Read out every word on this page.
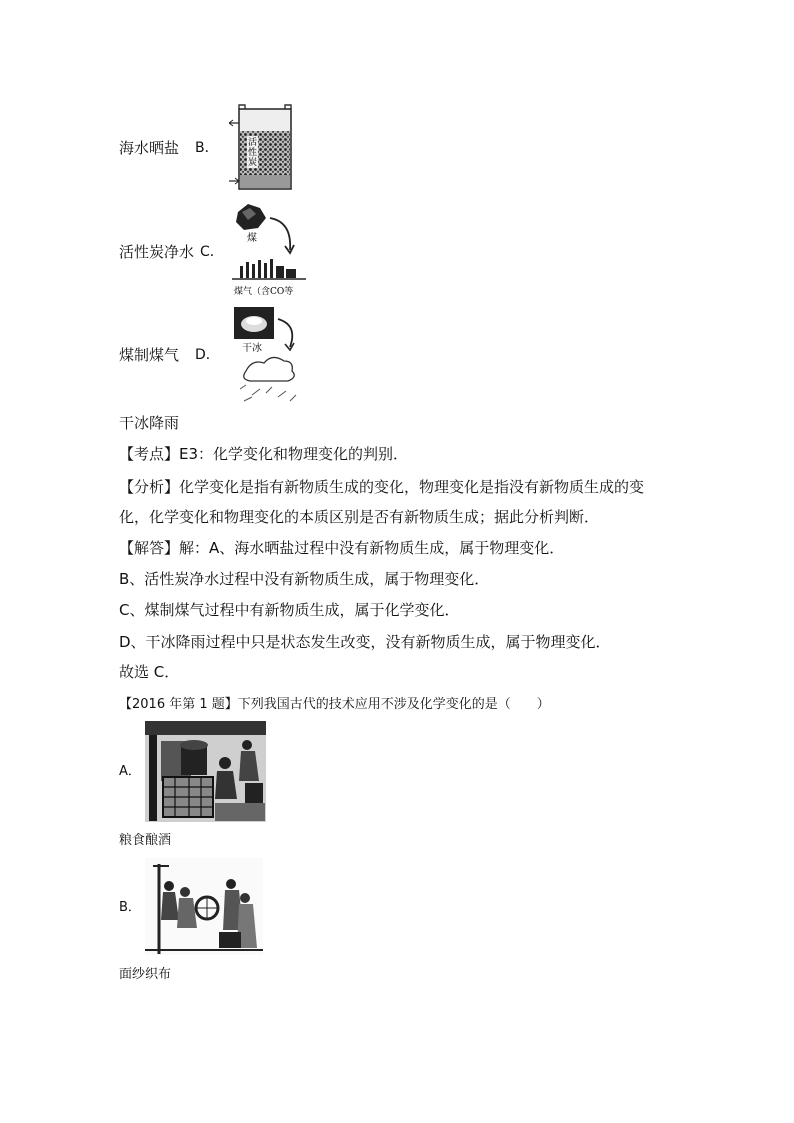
海水晒盐 B．	活
性
炭
活性炭净水 C．
煤
煤气（含CO等
煤制煤气 D． 干冰
干冰降雨
【考点】E3：化学变化和物理变化的判别．
【分析】化学变化是指有新物质生成的变化，物理变化是指没有新物质生成的变
化，化学变化和物理变化的本质区别是否有新物质生成；据此分析判断．
【解答】解：A、海水晒盐过程中没有新物质生成，属于物理变化．
B、活性炭净水过程中没有新物质生成，属于物理变化．
C、煤制煤气过程中有新物质生成，属于化学变化．
D、干冰降雨过程中只是状态发生改变，没有新物质生成，属于物理变化．
故选 C．
【2016 年第 1 题】下列我国古代的技术应用不涉及化学变化的是（　　）
A．
粮食酿酒
B．
面纱织布
